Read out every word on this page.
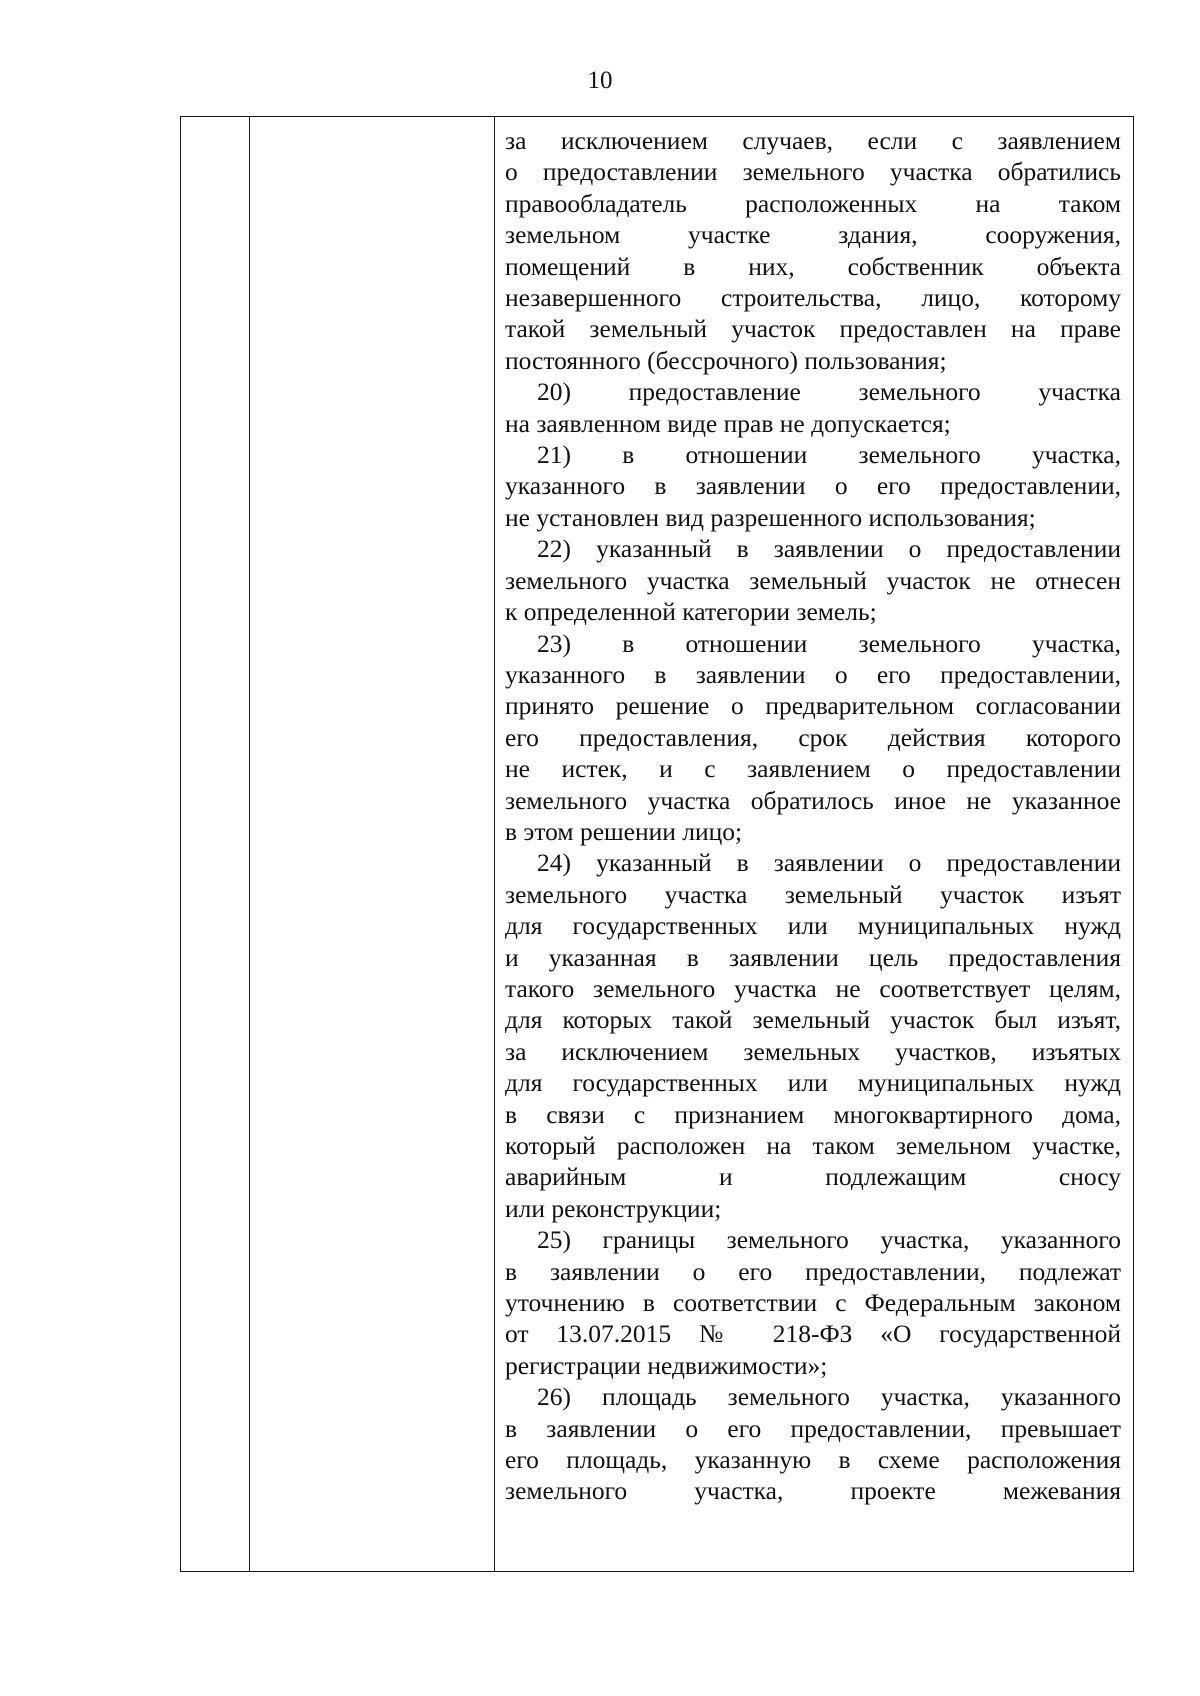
10

за исключением случаев, если с заявлением
о предоставлении земельного участка обратились
правообладатель расположенных на таком
земельном участке здания, сооружения,
помещений в них, собственник объекта
незавершенного строительства, лицо, которому
такой земельный участок предоставлен на праве
постоянного (бессрочного) пользования;
20) предоставление земельного участка
на заявленном виде прав не допускается;
21) в отношении земельного участка,
указанного в заявлении о его предоставлении,
не установлен вид разрешенного использования;
22) указанный в заявлении о предоставлении
земельного участка земельный участок не отнесен
к определенной категории земель;
23) в отношении земельного участка,
указанного в заявлении о его предоставлении,
принято решение о предварительном согласовании
его предоставления, срок действия которого
не истек, и с заявлением о предоставлении
земельного участка обратилось иное не указанное
в этом решении лицо;
24) указанный в заявлении о предоставлении
земельного участка земельный участок изъят
для государственных или муниципальных нужд
и указанная в заявлении цель предоставления
такого земельного участка не соответствует целям,
для которых такой земельный участок был изъят,
за исключением земельных участков, изъятых
для государственных или муниципальных нужд
в связи с признанием многоквартирного дома,
который расположен на таком земельном участке,
аварийным и подлежащим сносу
или реконструкции;
25) границы земельного участка, указанного
в заявлении о его предоставлении, подлежат
уточнению в соответствии с Федеральным законом
от 13.07.2015 № 218-ФЗ «О государственной
регистрации недвижимости»;
26) площадь земельного участка, указанного
в заявлении о его предоставлении, превышает
его площадь, указанную в схеме расположения
земельного участка, проекте межевания
